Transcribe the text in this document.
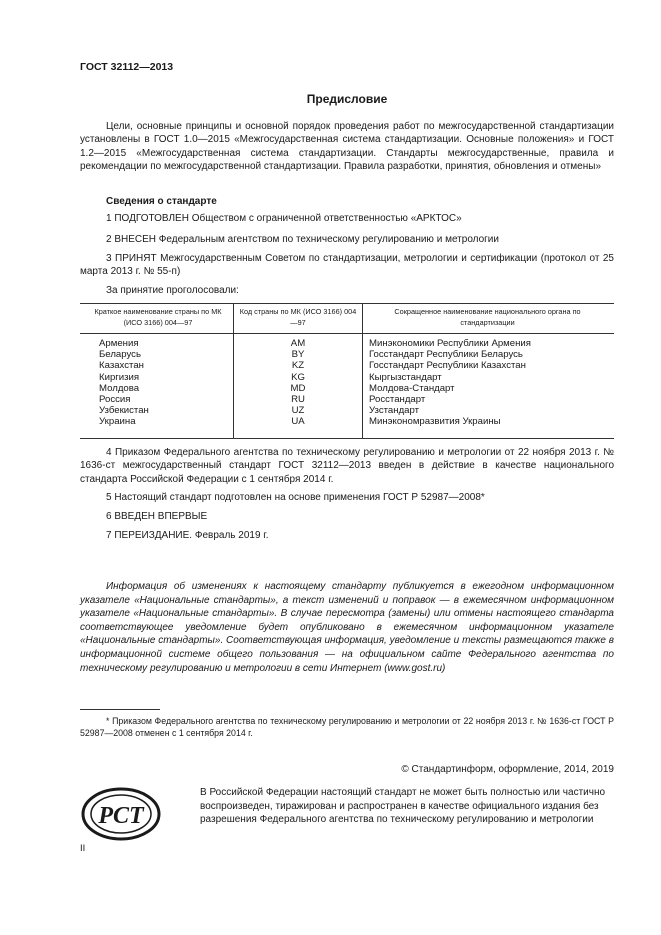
ГОСТ 32112—2013
Предисловие
Цели, основные принципы и основной порядок проведения работ по межгосударственной стандартизации установлены в ГОСТ 1.0—2015 «Межгосударственная система стандартизации. Основные положения» и ГОСТ 1.2—2015 «Межгосударственная система стандартизации. Стандарты межгосударственные, правила и рекомендации по межгосударственной стандартизации. Правила разработки, принятия, обновления и отмены»
Сведения о стандарте
1 ПОДГОТОВЛЕН Обществом с ограниченной ответственностью «АРКТОС»
2 ВНЕСЕН Федеральным агентством по техническому регулированию и метрологии
3 ПРИНЯТ Межгосударственным Советом по стандартизации, метрологии и сертификации (протокол от 25 марта 2013 г. № 55-п)
За принятие проголосовали:
Краткое наименование страны по МК (ИСО 3166) 004—97
Код страны по МК (ИСО 3166) 004—97
Сокращенное наименование национального органа по стандартизации
Армения
Беларусь
Казахстан
Киргизия
Молдова
Россия
Узбекистан
Украина
AM
BY
KZ
KG
MD
RU
UZ
UA
Минэкономики Республики Армения
Госстандарт Республики Беларусь
Госстандарт Республики Казахстан
Кыргызстандарт
Молдова-Стандарт
Росстандарт
Узстандарт
Минэкономразвития Украины
4 Приказом Федерального агентства по техническому регулированию и метрологии от 22 ноября 2013 г. № 1636-ст межгосударственный стандарт ГОСТ 32112—2013 введен в действие в качестве национального стандарта Российской Федерации с 1 сентября 2014 г.
5 Настоящий стандарт подготовлен на основе применения ГОСТ Р 52987—2008*
6 ВВЕДЕН ВПЕРВЫЕ
7 ПЕРЕИЗДАНИЕ. Февраль 2019 г.
Информация об изменениях к настоящему стандарту публикуется в ежегодном информационном указателе «Национальные стандарты», а текст изменений и поправок — в ежемесячном информационном указателе «Национальные стандарты». В случае пересмотра (замены) или отмены настоящего стандарта соответствующее уведомление будет опубликовано в ежемесячном информационном указателе «Национальные стандарты». Соответствующая информация, уведомление и тексты размещаются также в информационной системе общего пользования — на официальном сайте Федерального агентства по техническому регулированию и метрологии в сети Интернет (www.gost.ru)
* Приказом Федерального агентства по техническому регулированию и метрологии от 22 ноября 2013 г. № 1636-ст ГОСТ Р 52987—2008 отменен с 1 сентября 2014 г.
© Стандартинформ, оформление, 2014, 2019
РСТ
В Российской Федерации настоящий стандарт не может быть полностью или частично воспроизведен, тиражирован и распространен в качестве официального издания без разрешения Федерального агентства по техническому регулированию и метрологии
II
